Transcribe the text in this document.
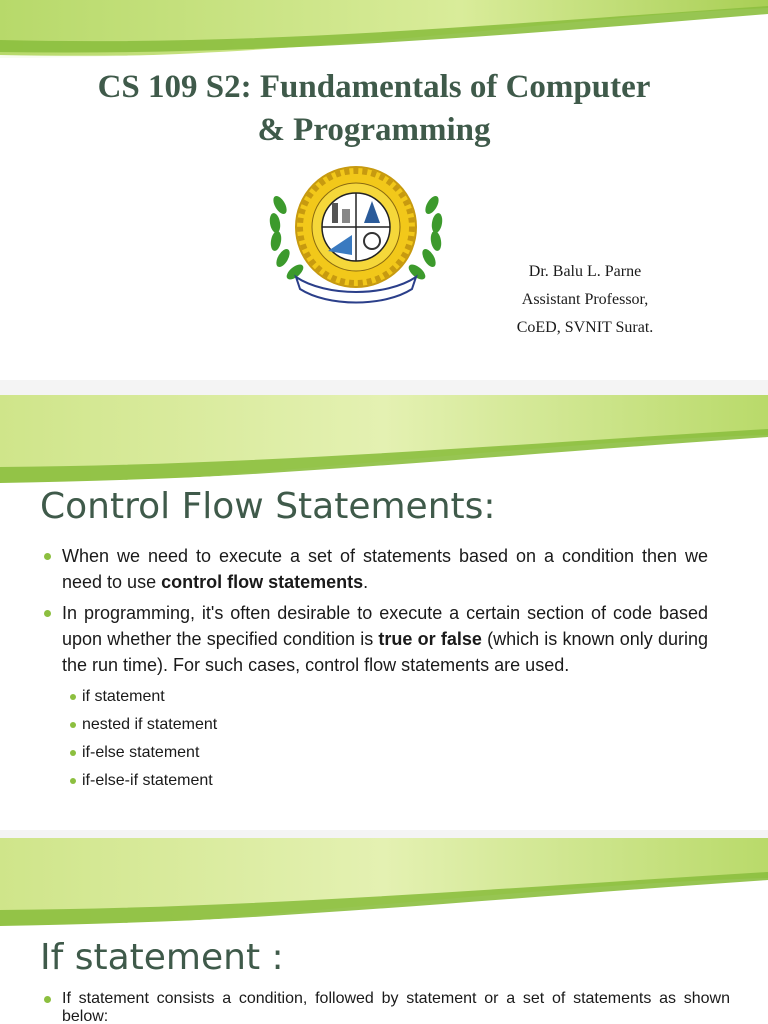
CS 109 S2: Fundamentals of Computer
& Programming
Dr. Balu L. Parne
Assistant Professor,
CoED, SVNIT Surat.
Control Flow Statements:
When we need to execute a set of statements based on a condition then we need to use control flow statements.
In programming, it's often desirable to execute a certain section of code based upon whether the specified condition is true or false (which is known only during the run time). For such cases, control flow statements are used.
if statement
nested if statement
if-else statement
if-else-if statement
If statement :
If statement consists a condition, followed by statement or a set of statements as shown below:
